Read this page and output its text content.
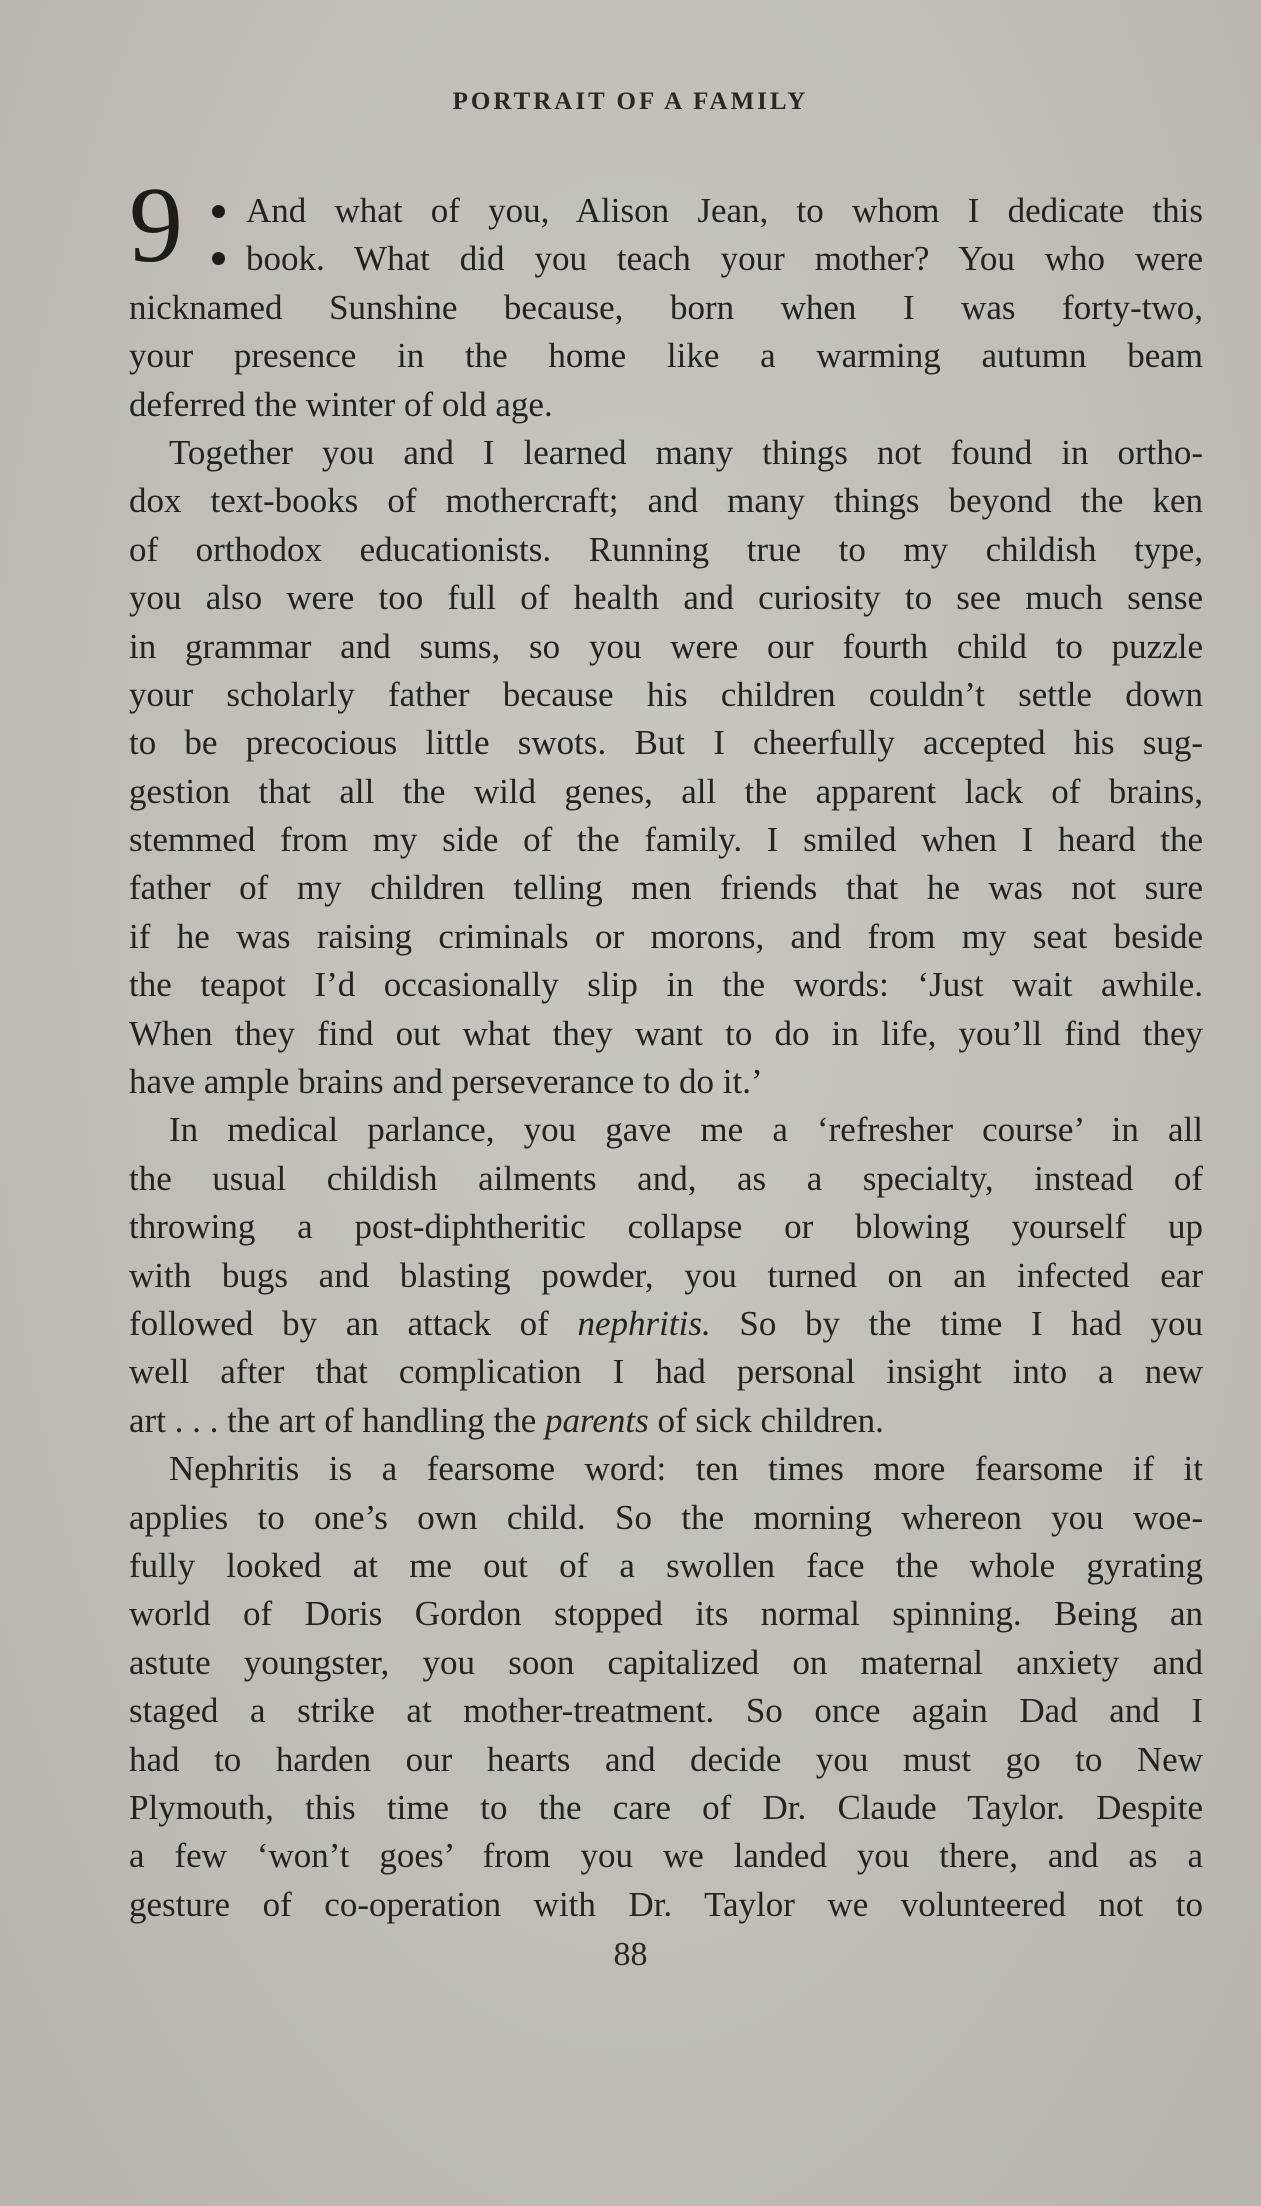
PORTRAIT OF A FAMILY
9	And what of you, Alison Jean, to whom I dedicate this
book. What did you teach your mother? You who were
nicknamed Sunshine because, born when I was forty-two,
your presence in the home like a warming autumn beam
deferred the winter of old age.
Together you and I learned many things not found in ortho-
dox text-books of mothercraft; and many things beyond the ken
of orthodox educationists. Running true to my childish type,
you also were too full of health and curiosity to see much sense
in grammar and sums, so you were our fourth child to puzzle
your scholarly father because his children couldn’t settle down
to be precocious little swots. But I cheerfully accepted his sug-
gestion that all the wild genes, all the apparent lack of brains,
stemmed from my side of the family. I smiled when I heard the
father of my children telling men friends that he was not sure
if he was raising criminals or morons, and from my seat beside
the teapot I’d occasionally slip in the words: ‘Just wait awhile.
When they find out what they want to do in life, you’ll find they
have ample brains and perseverance to do it.’
In medical parlance, you gave me a ‘refresher course’ in all
the usual childish ailments and, as a specialty, instead of
throwing a post-diphtheritic collapse or blowing yourself up
with bugs and blasting powder, you turned on an infected ear
followed by an attack of nephritis. So by the time I had you
well after that complication I had personal insight into a new
art . . . the art of handling the parents of sick children.
Nephritis is a fearsome word: ten times more fearsome if it
applies to one’s own child. So the morning whereon you woe-
fully looked at me out of a swollen face the whole gyrating
world of Doris Gordon stopped its normal spinning. Being an
astute youngster, you soon capitalized on maternal anxiety and
staged a strike at mother-treatment. So once again Dad and I
had to harden our hearts and decide you must go to New
Plymouth, this time to the care of Dr. Claude Taylor. Despite
a few ‘won’t goes’ from you we landed you there, and as a
gesture of co-operation with Dr. Taylor we volunteered not to
88
